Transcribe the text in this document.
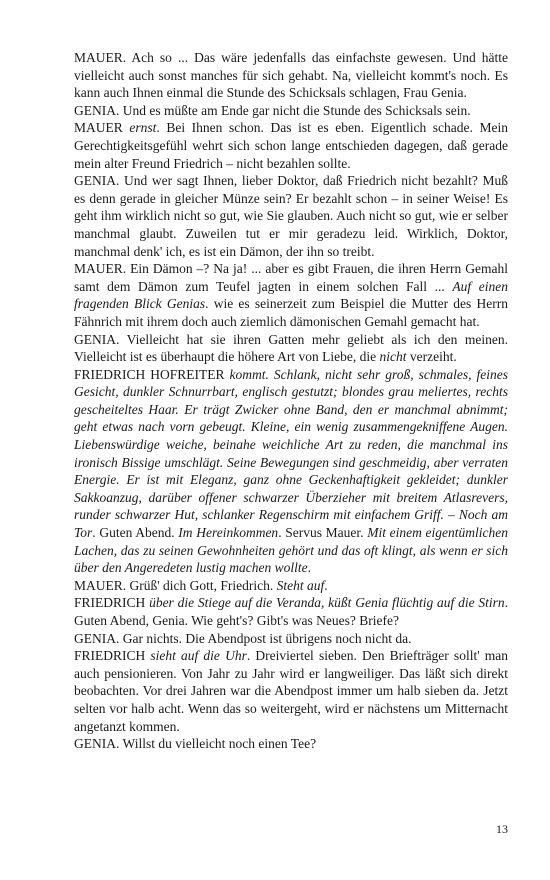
MAUER. Ach so ... Das wäre jedenfalls das einfachste gewesen. Und hätte vielleicht auch sonst manches für sich gehabt. Na, vielleicht kommt's noch. Es kann auch Ihnen einmal die Stunde des Schicksals schlagen, Frau Genia.

GENIA. Und es müßte am Ende gar nicht die Stunde des Schicksals sein.

MAUER ernst. Bei Ihnen schon. Das ist es eben. Eigentlich schade. Mein Gerechtigkeitsgefühl wehrt sich schon lange entschieden dagegen, daß gerade mein alter Freund Friedrich – nicht bezahlen sollte.

GENIA. Und wer sagt Ihnen, lieber Doktor, daß Friedrich nicht bezahlt? Muß es denn gerade in gleicher Münze sein? Er bezahlt schon – in seiner Weise! Es geht ihm wirklich nicht so gut, wie Sie glauben. Auch nicht so gut, wie er selber manchmal glaubt. Zuweilen tut er mir geradezu leid. Wirklich, Doktor, manchmal denk' ich, es ist ein Dämon, der ihn so treibt.

MAUER. Ein Dämon –? Na ja! ... aber es gibt Frauen, die ihren Herrn Gemahl samt dem Dämon zum Teufel jagten in einem solchen Fall ... Auf einen fragenden Blick Genias. wie es seinerzeit zum Beispiel die Mutter des Herrn Fähnrich mit ihrem doch auch ziemlich dämonischen Gemahl gemacht hat.

GENIA. Vielleicht hat sie ihren Gatten mehr geliebt als ich den meinen. Vielleicht ist es überhaupt die höhere Art von Liebe, die nicht verzeiht.

FRIEDRICH HOFREITER kommt. Schlank, nicht sehr groß, schmales, feines Gesicht, dunkler Schnurrbart, englisch gestutzt; blondes grau meliertes, rechts gescheiteltes Haar. Er trägt Zwicker ohne Band, den er manchmal abnimmt; geht etwas nach vorn gebeugt. Kleine, ein wenig zusammengekniffene Augen. Liebenswürdige weiche, beinahe weichliche Art zu reden, die manchmal ins ironisch Bissige umschlägt. Seine Bewegungen sind geschmeidig, aber verraten Energie. Er ist mit Eleganz, ganz ohne Geckenhaftigkeit gekleidet; dunkler Sakkoanzug, darüber offener schwarzer Überzieher mit breitem Atlasrevers, runder schwarzer Hut, schlanker Regenschirm mit einfachem Griff. – Noch am Tor. Guten Abend. Im Hereinkommen. Servus Mauer. Mit einem eigentümlichen Lachen, das zu seinen Gewohnheiten gehört und das oft klingt, als wenn er sich über den Angeredeten lustig machen wollte.

MAUER. Grüß' dich Gott, Friedrich. Steht auf.

FRIEDRICH über die Stiege auf die Veranda, küßt Genia flüchtig auf die Stirn. Guten Abend, Genia. Wie geht's? Gibt's was Neues? Briefe?

GENIA. Gar nichts. Die Abendpost ist übrigens noch nicht da.

FRIEDRICH sieht auf die Uhr. Dreiviertel sieben. Den Briefträger sollt' man auch pensionieren. Von Jahr zu Jahr wird er langweiliger. Das läßt sich direkt beobachten. Vor drei Jahren war die Abendpost immer um halb sieben da. Jetzt selten vor halb acht. Wenn das so weitergeht, wird er nächstens um Mitternacht angetanzt kommen.

GENIA. Willst du vielleicht noch einen Tee?

13
